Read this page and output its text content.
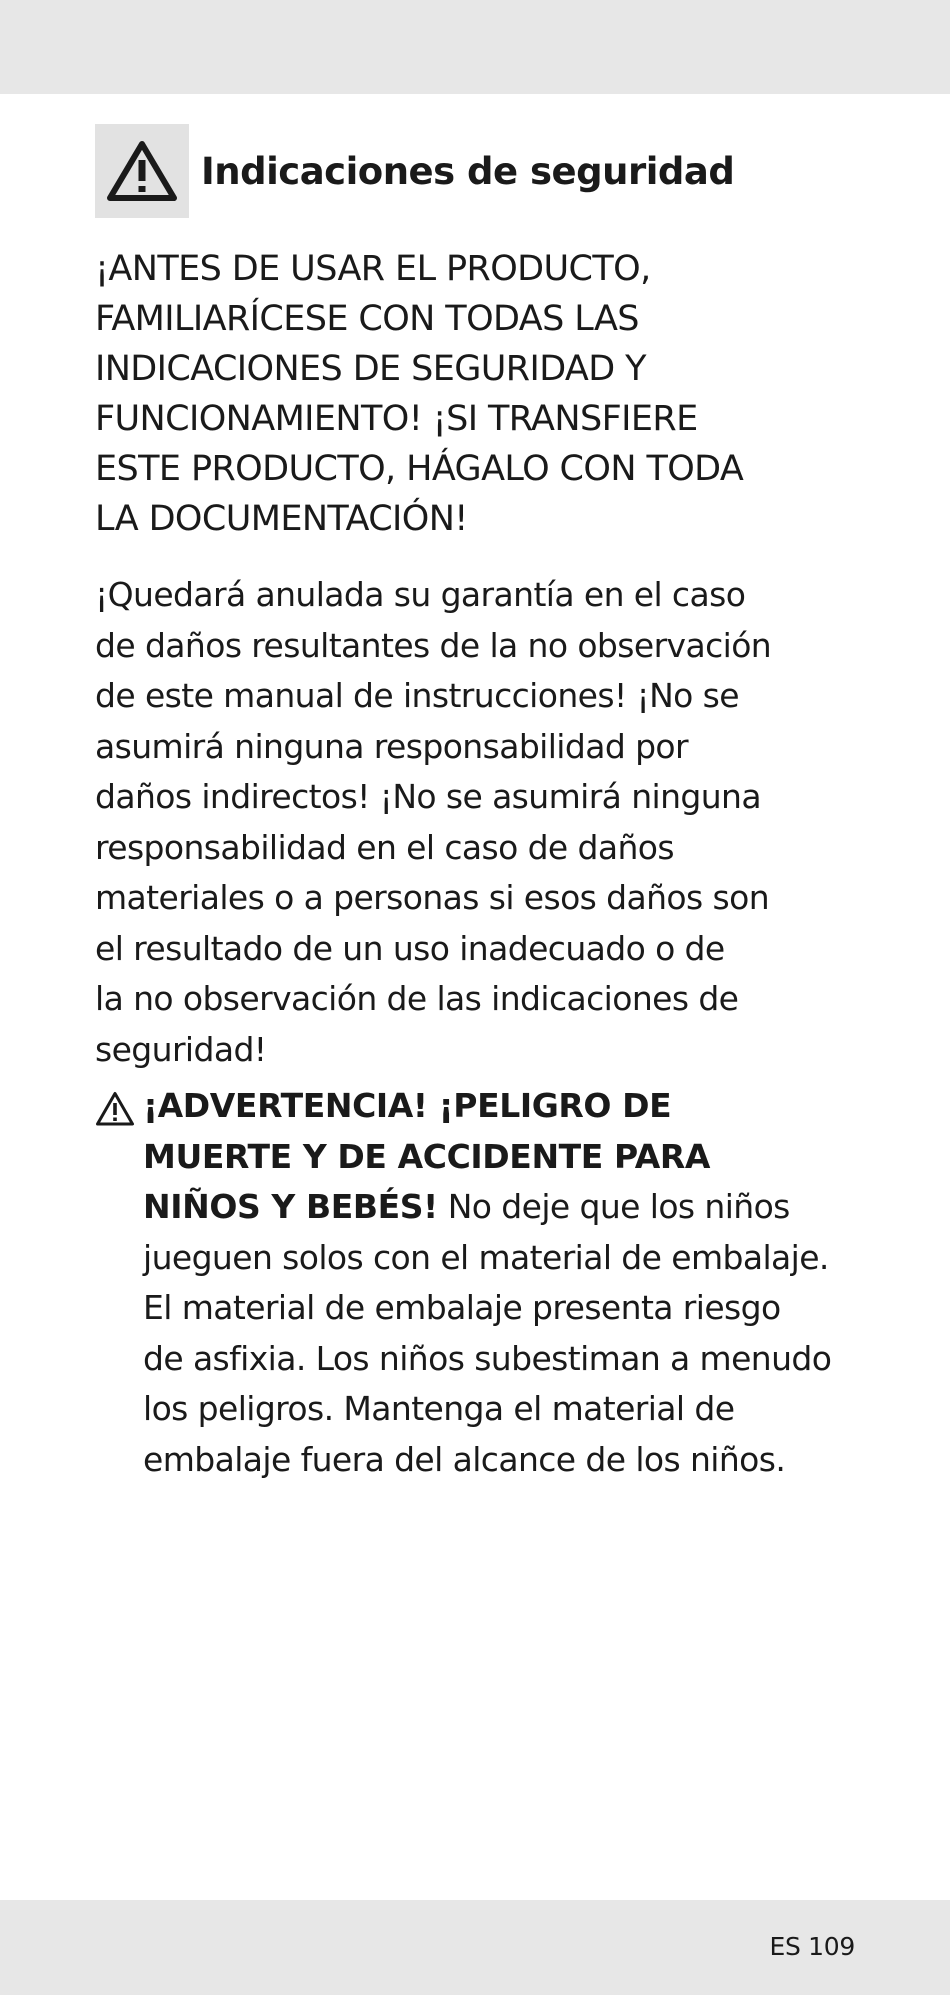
Indicaciones de seguridad
¡ANTES DE USAR EL PRODUCTO,
FAMILIARÍCESE CON TODAS LAS
INDICACIONES DE SEGURIDAD Y
FUNCIONAMIENTO! ¡SI TRANSFIERE
ESTE PRODUCTO, HÁGALO CON TODA
LA DOCUMENTACIÓN!
¡Quedará anulada su garantía en el caso
de daños resultantes de la no observación
de este manual de instrucciones! ¡No se
asumirá ninguna responsabilidad por
daños indirectos! ¡No se asumirá ninguna
responsabilidad en el caso de daños
materiales o a personas si esos daños son
el resultado de un uso inadecuado o de
la no observación de las indicaciones de
seguridad!
¡ADVERTENCIA! ¡PELIGRO DE
MUERTE Y DE ACCIDENTE PARA
NIÑOS Y BEBÉS! No deje que los niños
jueguen solos con el material de embalaje.
El material de embalaje presenta riesgo
de asfixia. Los niños subestiman a menudo
los peligros. Mantenga el material de
embalaje fuera del alcance de los niños.
ES 109
